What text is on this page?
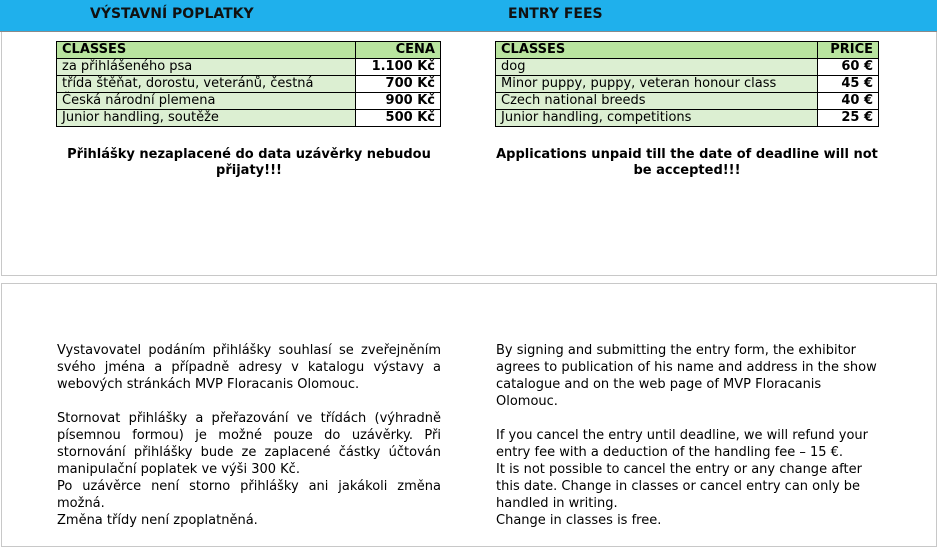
VÝSTAVNÍ POPLATKY	ENTRY FEES
CLASSES	CENA
za přihlášeného psa	1.100 Kč
třída štěňat, dorostu, veteránů, čestná	700 Kč
Česká národní plemena	900 Kč
Junior handling, soutěže	500 Kč
CLASSES	PRICE
dog	60 €
Minor puppy, puppy, veteran honour class	45 €
Czech national breeds	40 €
Junior handling, competitions	25 €
Přihlášky nezaplacené do data uzávěrky nebudou přijaty!!!
Applications unpaid till the date of deadline will not be accepted!!!

Vystavovatel podáním přihlášky souhlasí se zveřejněním svého jména a případně adresy v katalogu výstavy a webových stránkách MVP Floracanis Olomouc.

Stornovat přihlášky a přeřazování ve třídách (výhradně písemnou formou) je možné pouze do uzávěrky. Při stornování přihlášky bude ze zaplacené částky účtován manipulační poplatek ve výši 300 Kč.
Po uzávěrce není storno přihlášky ani jakákoli změna možná.
Změna třídy není zpoplatněná.

By signing and submitting the entry form, the exhibitor agrees to publication of his name and address in the show catalogue and on the web page of MVP Floracanis Olomouc.

If you cancel the entry until deadline, we will refund your entry fee with a deduction of the handling fee – 15 €.
It is not possible to cancel the entry or any change after this date. Change in classes or cancel entry can only be handled in writing.
Change in classes is free.
